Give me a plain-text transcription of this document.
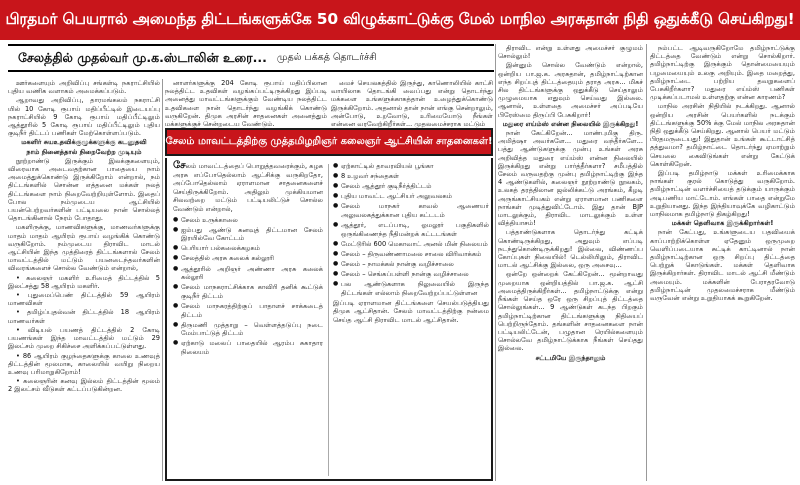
பிரதமர் பெயரால் அமைந்த திட்டங்களுக்கே 50 விழுக்காட்டுக்கு மேல் மாநில அரசுதான் நிதி ஒதுக்கீடு செய்கிறது!
சேலத்தில் முதல்வர் மு.க.ஸ்டாலின் உரை... முதல் பக்கத் தொடர்ச்சி

ஊர்களையும் அறிவிப்பு சங்கள்டி நகராட்சியில் புதிய வணிக வளாகம் அமைக்கப்படும்.

ஆறாவது அறிவிப்பு, தாரமங்கலம் நகராட்சி யில் 10 கோடி ரூபாய் மதிப்பீட்டில் இடையப்பு நகராட்சியில் 9 கோடி ரூபாய் மதிப்பீட்டிலும் ஆத்தூரில் 5 கோடி ரூபாய் மதிப்பீட்டிலும் புதிய குடிநீர் திட்டப் பணிகள் மேற்கொள்ளப்படும்.

மகளிர் சுயஉதவிக்குழுக்களுக்கு கடனுதவி

நாம் நினைத்தால் நிறைவேற்ற முடியும்

நூற்றாண்டு இருக்கும் இலக்குகளையும், விரைவாக அடைவதற்கான பாதையை நாம் அமைத்துக்கொண்டு இருக்கிறோம் என்றால், நம் திட்டங்களில் சொன்ன எத்தனை மக்கள் நலத் திட்டங்களை நாம் நிறைவேற்றியுள்ளோம். இதைப் போல நம்முடைய ஆட்சியில் பயன்பெற்றவர்களின் பட்டியலை நான் சொல்லத் தொடங்கினால் நேரம் போதாது.

மகளிருக்கு, மாணவிகளுக்கு, மாணவர்களுக்கு மாதம் மாதம் ஆயிரம் ரூபாய் வழங்கிக் கொண்டு வருகிறோம். நம்முடைய திராவிட மாடல் ஆட்சியின் இந்த முத்திரைத் திட்டங்களால் சேலம் மாவட்டத்தில் மட்டும் பயனடைந்தவர்களின் விவரங்களைச் சொல்ல வேண்டும் என்றால்,

• கலைஞர் மகளிர் உரிமைத் திட்டத்தில் 5 இலட்சத்து 58 ஆயிரம் மகளிர்.

• புதுமைப்பெண் திட்டத்தில் 59 ஆயிரம் மாணவிகள்

• தமிழ்ப்புதல்வன் திட்டத்தில் 18 ஆயிரம் மாணவர்கள்

• விடியல் பயணத் திட்டத்தில் 2 கோடி பயணங்கள் இந்த மாவட்டத்தில் மட்டும் 29 இலட்சம் முறை சிகிச்சை அளிக்கப்பட்டுள்ளது.

• 86 ஆயிரம் குழந்தைகளுக்கு காலை உணவுத் திட்டத்தின் மூலமாக, காலையில் வயிறு நிறைய உணவு பரிமாறுகிறோம்!

• கலைஞரின் கனவு இல்லம் திட்டத்தின் மூலம் 2 இலட்சம் வீடுகள் கட்டப்படுகின்றன.

னாளர்களுக்கு 204 கோடி ரூபாய் மதிப்பிலான நலத்திட்ட உதவிகள் வழங்கப்பட்டிருக்கிறது இப்படி அனைத்து மாவட்டங்களுக்கும் வேண்டிய நலத்திட்ட உதவிகளை நான் தொடர்ந்து வழங்கிக் கொண்டு வருகிறேன். திமுக அரசின் சாதனைகள் அனைத்தும் மக்களுக்குச் சென்றடைய வேண்டும்.

மைச் செயலகத்தில் இருந்து, காணொலியில் காட்சி வாயிலாக தொடங்கி வைப்பது என்று தொடர்ந்து மக்களை உங்களுக்காகத்தான் உழைத்துக்கொண்டு இருக்கிறோம். அதனால் தான் நான் எங்கு சென்றாலும், அன்போடு, உறவோடு, உரிமையோடு நீங்கள் என்னை வரவேற்கிறீர்கள்... முதலமைச்சராக மட்டும்

சேலம் மாவட்டத்திற்கு முத்தமிழறிஞர் கலைஞர் ஆட்சியின் சாதனைகள்!

சேலம் மாவட்டத்தைப் பொறுத்தவரைக்கும், கழக அரசு எப்போதெல்லாம் ஆட்சிக்கு வருகிறதோ, அப்போதெல்லாம் ஏராளமான சாதனைகளைச் செய்திருக்கிறோம். அதிலும் முக்கியமான சிலவற்றை மட்டும் பட்டியலிட்டுச் சொல்ல வேண்டும் என்றால்,

● சேலம் உருக்காலை
● ஐம்பது ஆண்டு கனவுத் திட்டமான சேலம் இரயில்வே கோட்டம்
● பெரியார் பல்கலைக்கழகம்
● சேலத்தில் அரசு கலைக் கல்லூரி
● ஆத்தூரில் அறிஞர் அண்ணா அரசு கலைக் கல்லூரி
● சேலம் மாநகராட்சிக்காக காவிரி தனிக் கூட்டுக் குடிநீர் திட்டம்
● சேலம் மாநகரத்திற்குப் பாதாளச் சாக்கடைத் திட்டம்
● திருமணி முத்தாறு – வெள்ளத்தடுப்பு நடை மேம்பாட்டுத் திட்டம்
● ஏற்காடு மலைப் பாதையில் ஆரம்ப சுகாதார நிலையம்
● ஏற்காட்டில் தாவரவியல் பூங்கா
● 8 உழவர் சந்தைகள்
● சேலம் ஆத்தூர் குடிநீர்த்திட்டம்
● புதிய மாவட்ட ஆட்சியர் அலுவலகம்
● சேலம் மாநகர் காவல் ஆணையர் அலுவலகத்துக்கான புதிய கட்டடம்
● ஆத்தூர், எடப்பாடி, ஓமலூர் பகுதிகளில் ஒருங்கிணைந்த நீதிமன்றக் கட்டடங்கள்
● மேட்டூரில் 600 மெகாவாட் அனல் மின் நிலையம்
● சேலம் – திருவண்ணாமலை சாலை விரிவாக்கம்
● சேலம் – நாமக்கல் நான்கு வழிச்சாலை
● சேலம் – செங்கப்பள்ளி நான்கு வழிச்சாலை
● பல ஆண்டுகளாக நிலுவையில் இருந்த திட்டங்கள் எல்லாம் நிறைவேற்றப்பட்டுள்ளன

இப்படி ஏராளமான திட்டங்களை செயல்படுத்தியது திமுக ஆட்சிதான். சேலம் மாவட்டத்திற்கு நன்மை செய்த ஆட்சி திராவிட மாடல் ஆட்சிதான்.

திராவிட என்று உள்ளது அமைச்சர் குழுமம் சொல்லும்!

இன்னும் சொல்ல வேண்டும் என்றால், ஒன்றிய பா.ஜ.க. அரசுதான், தமிழ்நாட்டிற்கான எந்த சிறப்புத் திட்டத்தையும் தராத அரசு... மிகச் சில திட்டங்களுக்கு ஒதுக்கீடு செய்தாலும் முழுமையாக எதுவும் செய்வது இல்லை. ஆனால், உள்ளதை அமைச்சர் அப்படியே பிரேஸ்மை திருப்பி பேசுகிறார்!

மதுரை எய்ம்ஸ் என்ன நிலையில் இருக்கிறது!

நான் கேட்கிறேன்... மாண்புமிகு திரு. அமித்ஷா அவர்களே... மதுரை வந்தீர்களே... பத்து ஆண்டுகளுக்கு முன்பு உங்கள் அரசு அறிவித்த மதுரை எய்ம்ஸ் என்ன நிலையில் இருக்கிறது என்று பார்த்தீர்களா? சமீபத்தில் சேலம் வருவதற்கு முன்பு தமிழ்நாட்டிற்கு இந்த 4 ஆண்டுகளில், கலைஞர் நூற்றாண்டு நூலகம், உலகத் தரத்திலான ஜல்லிக்கட்டு அரங்கம், கீழடி அருங்காட்சியகம் என்று ஏராளமான பணிகளை நாங்கள் முடித்துவிட்டோம். இது தான் BJP மாடலுக்கும், திராவிட மாடலுக்கும் உள்ள வித்தியாசம்!

பத்தாண்டுகளாக தொடர்ந்து கட்டிக் கொண்டிருக்கிறது, அதுவும் எப்படி நடந்துகொண்டிருக்கிறது! இல்லை, விண்ணப்ப கோப்புகள் நிலையில்! டெல்லியிலும், திராவிட மாடல் ஆட்சிக்கு இல்லை, ஒரு அசைவு...

ஒன்றே ஒன்றைக் கேட்கிறேன்... மூன்றாவது முறையாக ஒன்றியத்தில் பா.ஜ.க. ஆட்சி அமைத்திருக்கிறீர்கள்... தமிழ்நாட்டுக்கு என்று நீங்கள் செய்த ஒரே ஒரு சிறப்புத் திட்டத்தை சொல்லுங்கள்... 9 ஆண்டுகள் கடந்த பிறகும் தமிழ்நாட்டிற்கான திட்டங்களுக்கு நிதியைப் பெற்றிருந்தோம். தங்களின் சாதனைகளை நான் பட்டியலிட்டேன், பழுதான ரெயில்களையும் சொல்லவே தமிழ்நாட்டுக்காக நீங்கள் செய்தது இல்லை.

சட்டமியே இருந்தாலும்

நம்பட்ட ஆடிவருகிறோமே தமிழ்நாட்டுக்கு திட்டத்தை வேண்டும் என்று சொல்கிறார். தமிழ்நாட்டிற்கு இருக்கும் தொன்மையையும் பழமையையும் உலகு அறியும். இதை மறைத்து, தமிழ்நாட்டை பற்றிய தவறுகளைப் பேசுகிறீர்களா? மதுரை எய்ம்ஸ் பணிகள் முடிக்கப்படாமல் உள்ளதற்கு என்ன காரணம்?

மாநில அரசின் நிதியில் நடக்கிறது. ஆனால் ஒன்றிய அரசின் பெயர்களில் நடக்கும் திட்டங்களுக்கு 50% க்கு மேல் மாநில அரசுதான் நிதி ஒதுக்கீடு செய்கிறது. ஆனால் பெயர் மட்டும் பிரதமருடையது! இதுதான் உங்கள் கூட்டாட்சித் தத்துவமா? தமிழ்நாட்டை தொடர்ந்து ஏமாற்றும் செயலை கைவிடுங்கள் என்று கேட்டுக் கொள்கிறேன்.

இப்படி தமிழ்நாடு மக்கள் உரிமைக்காக நாங்கள் குரல் கொடுத்து வருகிறோம். தமிழ்நாட்டின் வளர்ச்சியைத் தடுக்கும் யாருக்கும் அடிபணிய மாட்டோம். எங்கள் பாதை என்றுமே உறுதியானது. இந்த இந்தியாவுக்கே வழிகாட்டும் மாநிலமாக தமிழ்நாடு திகழ்கிறது!

மக்கள் தெளிவாக இருக்கிறார்கள்!

நான் கேட்பது, உங்களுடைய பதவியைக் காப்பாற்றிக்கொள்ள ஏதேனும் ஒருமுறை வெளிப்படையாக சுட்டிக் காட்டினால் நான் தமிழ்நாட்டிற்கான ஒரு சிறப்பு திட்டத்தை பெற்றுக் கொடுங்கள். மக்கள் தெளிவாக இருக்கிறார்கள். திராவிட மாடல் ஆட்சி மீண்டும் அமையும். மக்களின் பேராதரவோடு தமிழ்நாட்டின் முதலமைச்சராக மீண்டும் வருவேன் என்று உறுதியாகக் கூறுகிறேன்.
